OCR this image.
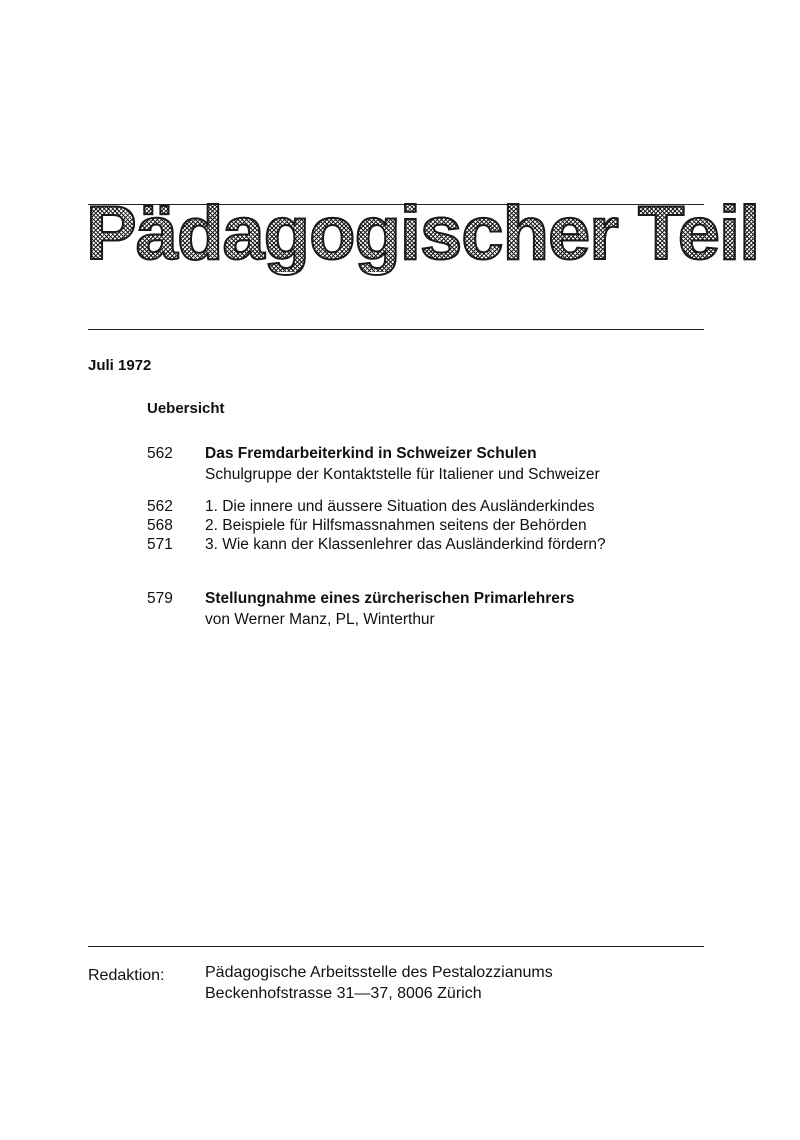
Pädagogischer Teil
Juli 1972
Uebersicht
562	Das Fremdarbeiterkind in Schweizer Schulen
Schulgruppe der Kontaktstelle für Italiener und Schweizer
562 1. Die innere und äussere Situation des Ausländerkindes
568 2. Beispiele für Hilfsmassnahmen seitens der Behörden
571 3. Wie kann der Klassenlehrer das Ausländerkind fördern?
579	Stellungnahme eines zürcherischen Primarlehrers
von Werner Manz, PL, Winterthur
Redaktion:	Pädagogische Arbeitsstelle des Pestalozzianums
Beckenhofstrasse 31—37, 8006 Zürich
